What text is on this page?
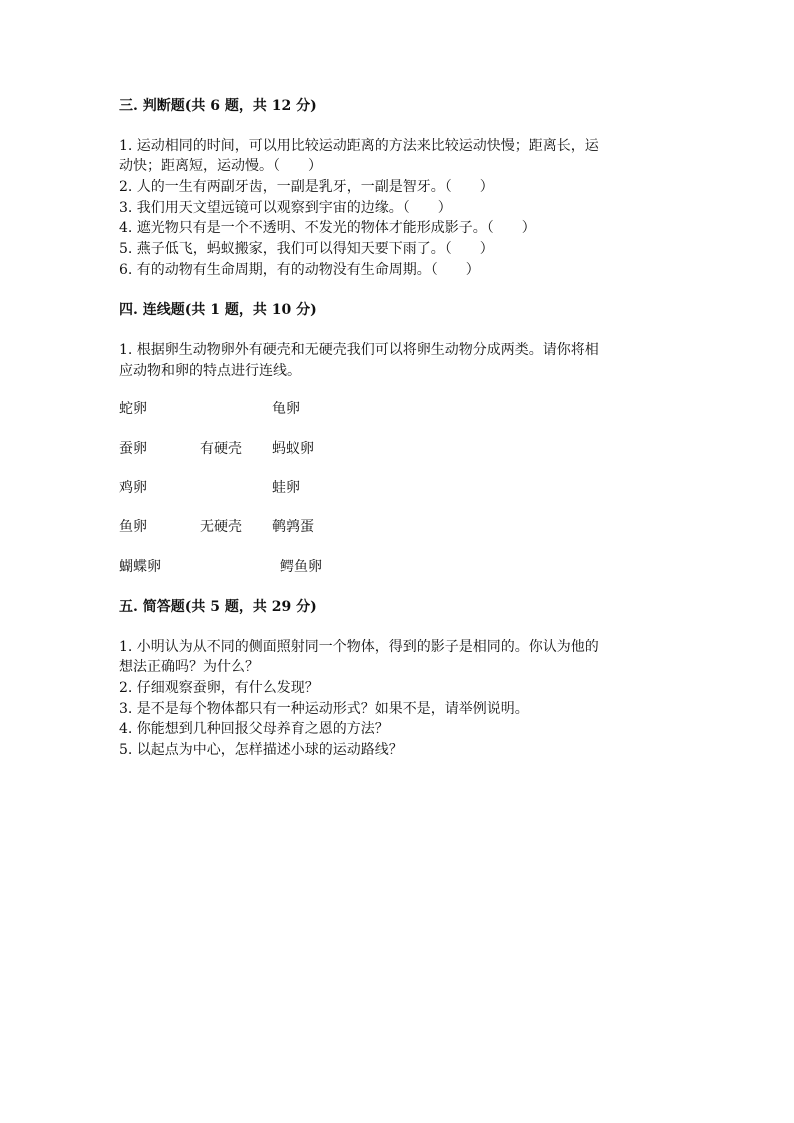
三. 判断题(共 6 题，共 12 分)
1. 运动相同的时间，可以用比较运动距离的方法来比较运动快慢；距离长，运
动快；距离短，运动慢。（　　）
2. 人的一生有两副牙齿，一副是乳牙，一副是智牙。（　　）
3. 我们用天文望远镜可以观察到宇宙的边缘。（　　）
4. 遮光物只有是一个不透明、不发光的物体才能形成影子。（　　）
5. 燕子低飞，蚂蚁搬家，我们可以得知天要下雨了。（　　）
6. 有的动物有生命周期，有的动物没有生命周期。（　　）
四. 连线题(共 1 题，共 10 分)
1. 根据卵生动物卵外有硬壳和无硬壳我们可以将卵生动物分成两类。请你将相
应动物和卵的特点进行连线。
蛇卵	龟卵
蚕卵	有硬壳 蚂蚁卵
鸡卵	蛙卵
鱼卵	无硬壳 鹌鹑蛋
蝴蝶卵	鳄鱼卵
五. 简答题(共 5 题，共 29 分)
1. 小明认为从不同的侧面照射同一个物体，得到的影子是相同的。你认为他的
想法正确吗？为什么？
2. 仔细观察蚕卵，有什么发现？
3. 是不是每个物体都只有一种运动形式？如果不是，请举例说明。
4. 你能想到几种回报父母养育之恩的方法？
5. 以起点为中心，怎样描述小球的运动路线？
